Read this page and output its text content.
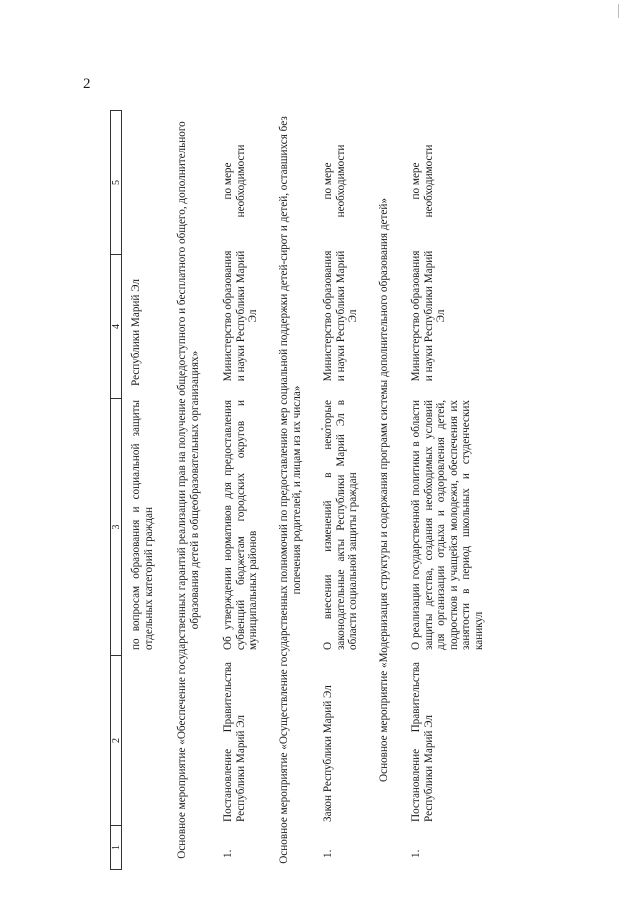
2
1
2
3
4
5
по вопросам образования и социальной защиты отдельных категорий граждан
Республики Марий Эл	Основное мероприятие «Обеспечение государственных гарантий реализации прав на получение общедоступного и бесплатного общего, дополнительного образования детей в общеобразовательных организациях»
1.
Постановление Правительства Республики Марий Эл
Об утверждении нормативов для предоставления субвенций бюджетам городских округов и муниципальных районов
Министерство образования и науки Республики Марий Эл
по мере необходимости	Основное мероприятие «Осуществление государственных полномочий по предоставлению мер социальной поддержки детей-сирот и детей, оставшихся без попечения родителей, и лицам из их числа»
1.
Закон Республики Марий Эл
О внесении изменений в некоторые законодательные акты Республики Марий Эл в области социальной защиты граждан
Министерство образования и науки Республики Марий Эл
по мере необходимости
Основное мероприятие «Модернизация структуры и содержания программ системы дополнительного образования детей»
1.
Постановление Правительства Республики Марий Эл
О реализации государственной политики в области защиты детства, создания необходимых условий для организации отдыха и оздоровления детей, подростков и учащейся молодежи, обеспечения их занятости в период школьных и студенческих каникул
Министерство образования и науки Республики Марий Эл
по мере необходимости
